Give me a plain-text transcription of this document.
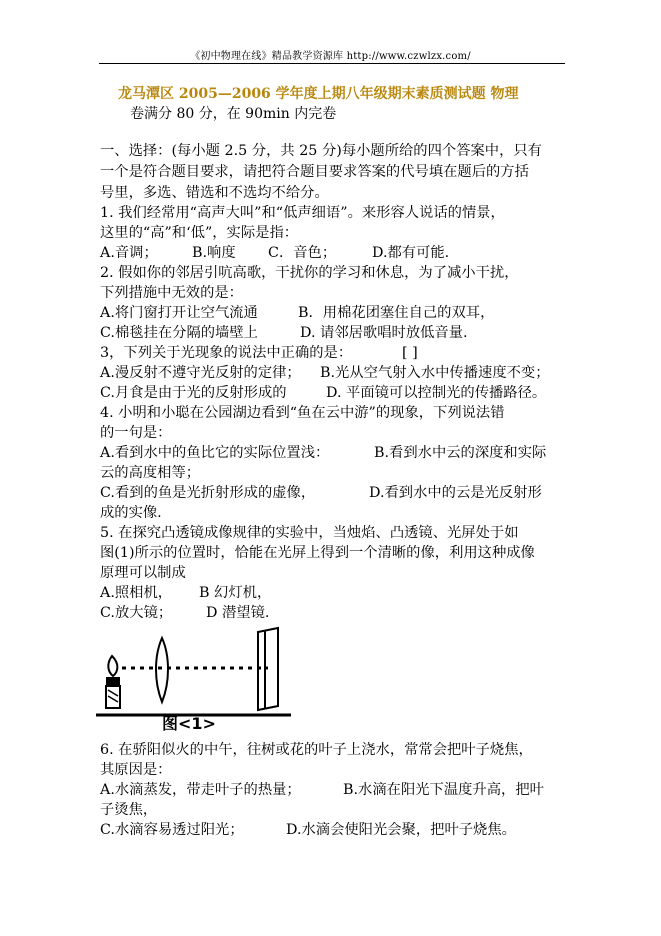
《初中物理在线》精品教学资源库 http://www.czwlzx.com/
龙马潭区 2005—2006 学年度上期八年级期末素质测试题 物理
卷满分 80 分，在 90min 内完卷
一、选择：(每小题 2.5 分，共 25 分)每小题所给的四个答案中，只有
一个是符合题目要求，请把符合题目要求答案的代号填在题后的方括
号里，多选、错选和不选均不给分。
1. 我们经常用“高声大叫”和“低声细语”。来形容人说话的情景，
这里的“高”和‘低”，实际是指：
A.音调； B.响度 C．音色；	D.都有可能.
2. 假如你的邻居引吭高歌，干扰你的学习和休息，为了减小干扰，
下列措施中无效的是：
A.将门窗打开让空气流通	B．用棉花团塞住自己的双耳，
C.棉毯挂在分隔的墙壁上	D. 请邻居歌唱时放低音量.
3，下列关于光现象的说法中正确的是：	[ ]
A.漫反射不遵守光反射的定律； B.光从空气射入水中传播速度不变；
C.月食是由于光的反射形成的	D. 平面镜可以控制光的传播路径。
4. 小明和小聪在公园湖边看到“鱼在云中游”的现象，下列说法错
的一句是：
A.看到水中的鱼比它的实际位置浅：	B.看到水中云的深度和实际
云的高度相等；
C.看到的鱼是光折射形成的虚像，	D.看到水中的云是光反射形
成的实像.
5. 在探究凸透镜成像规律的实验中，当烛焰、凸透镜、光屏处于如
图(1)所示的位置时，恰能在光屏上得到一个清晰的像，利用这种成像
原理可以制成
A.照相机， B 幻灯机，
C.放大镜； D 潜望镜.
图<1>
6. 在骄阳似火的中午，往树或花的叶子上浇水，常常会把叶子烧焦，
其原因是：
A.水滴蒸发，带走叶子的热量；	B.水滴在阳光下温度升高，把叶
子烫焦，
C.水滴容易透过阳光；	D.水滴会使阳光会聚，把叶子烧焦。
